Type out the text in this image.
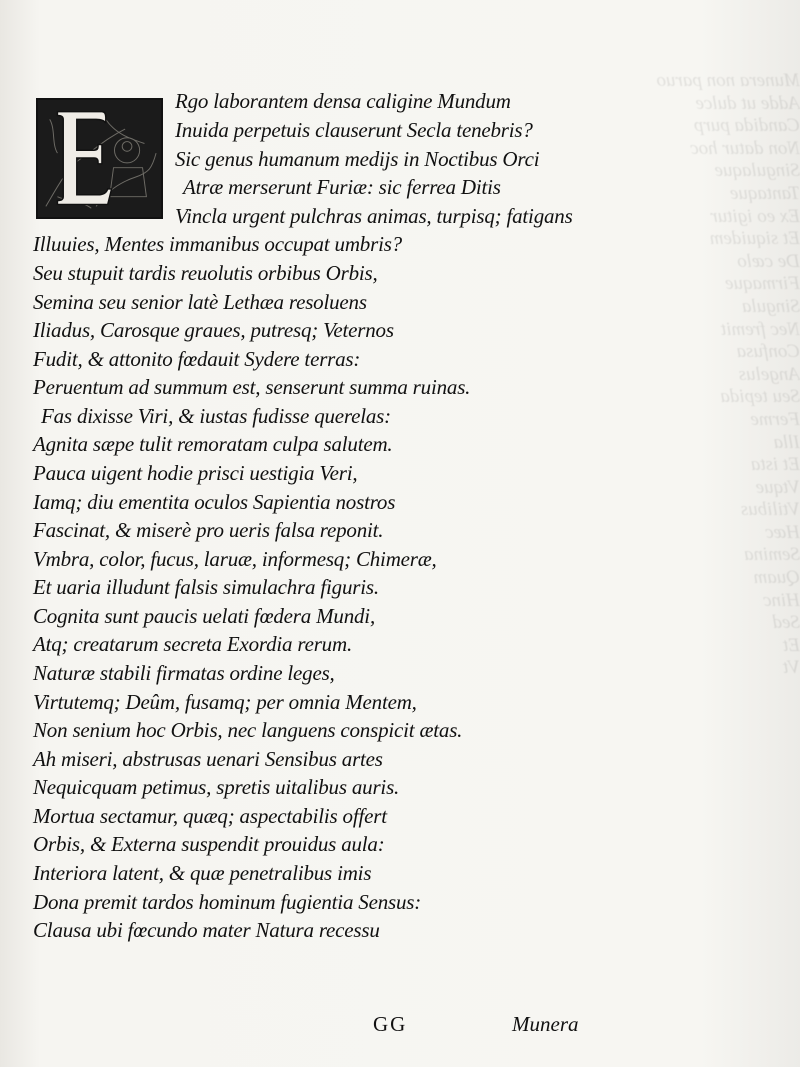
Munera non paruo
Adde ut dulce
Candida purp
Non datur hoc
Singulaque
Tantaque
Ex eo igitur
Et siquidem
De cælo
Firmaque
Singula
Nec fremit
Confusa
Angelus
Seu tepida
Ferme
Illa
Et ista
Vtque
Vtilibus
Hæc
Semina
Quam
Hinc
Sed
Et
Vt
Rgo laborantem densa caligine Mundum
Inuida perpetuis clauserunt Secla tenebris?
Sic genus humanum medijs in Noctibus Orci
Atræ merserunt Furiæ: sic ferrea Ditis
Vincla urgent pulchras animas, turpisq; fatigans
Illuuies, Mentes immanibus occupat umbris?
Seu stupuit tardis reuolutis orbibus Orbis,
Semina seu senior latè Lethæa resoluens
Iliadus, Carosque graues, putresq; Veternos
Fudit, & attonito fœdauit Sydere terras:
Peruentum ad summum est, senserunt summa ruinas.
Fas dixisse Viri, & iustas fudisse querelas:
Agnita sæpe tulit remoratam culpa salutem.
Pauca uigent hodie prisci uestigia Veri,
Iamq; diu ementita oculos Sapientia nostros
Fascinat, & miserè pro ueris falsa reponit.
Vmbra, color, fucus, laruæ, informesq; Chimeræ,
Et uaria illudunt falsis simulachra figuris.
Cognita sunt paucis uelati fœdera Mundi,
Atq; creatarum secreta Exordia rerum.
Naturæ stabili firmatas ordine leges,
Virtutemq; Deûm, fusamq; per omnia Mentem,
Non senium hoc Orbis, nec languens conspicit ætas.
Ah miseri, abstrusas uenari Sensibus artes
Nequicquam petimus, spretis uitalibus auris.
Mortua sectamur, quæq; aspectabilis offert
Orbis, & Externa suspendit prouidus aula:
Interiora latent, & quæ penetralibus imis
Dona premit tardos hominum fugientia Sensus:
Clausa ubi fœcundo mater Natura recessu
GG	Munera
